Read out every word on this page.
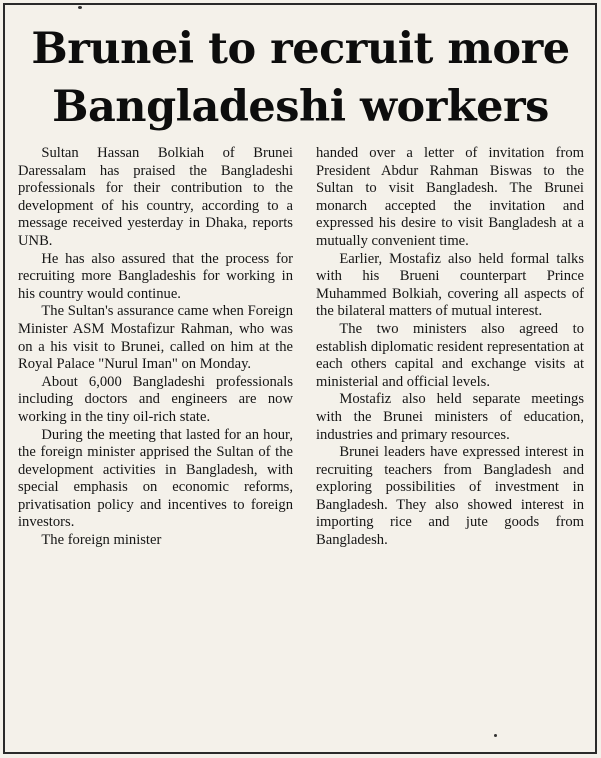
Brunei to recruit more
Bangladeshi workers

Sultan Hassan Bolkiah of Brunei Daressalam has praised the Bangladeshi professionals for their contribution to the development of his country, according to a message received yesterday in Dhaka, reports UNB.

He has also assured that the process for recruiting more Bangladeshis for working in his country would continue.

The Sultan's assurance came when Foreign Minister ASM Mostafizur Rahman, who was on a his visit to Brunei, called on him at the Royal Palace "Nurul Iman" on Monday.

About 6,000 Bangladeshi professionals including doctors and engineers are now working in the tiny oil-rich state.

During the meeting that lasted for an hour, the foreign minister apprised the Sultan of the development activities in Bangladesh, with special emphasis on economic reforms, privatisation policy and incentives to foreign investors.

The foreign minister

handed over a letter of invitation from President Abdur Rahman Biswas to the Sultan to visit Bangladesh. The Brunei monarch accepted the invitation and expressed his desire to visit Bangladesh at a mutually convenient time.

Earlier, Mostafiz also held formal talks with his Brueni counterpart Prince Muhammed Bolkiah, covering all aspects of the bilateral matters of mutual interest.

The two ministers also agreed to establish diplomatic resident representation at each others capital and exchange visits at ministerial and official levels.

Mostafiz also held separate meetings with the Brunei ministers of education, industries and primary resources.

Brunei leaders have expressed interest in recruiting teachers from Bangladesh and exploring possibilities of investment in Bangladesh. They also showed interest in importing rice and jute goods from Bangladesh.
